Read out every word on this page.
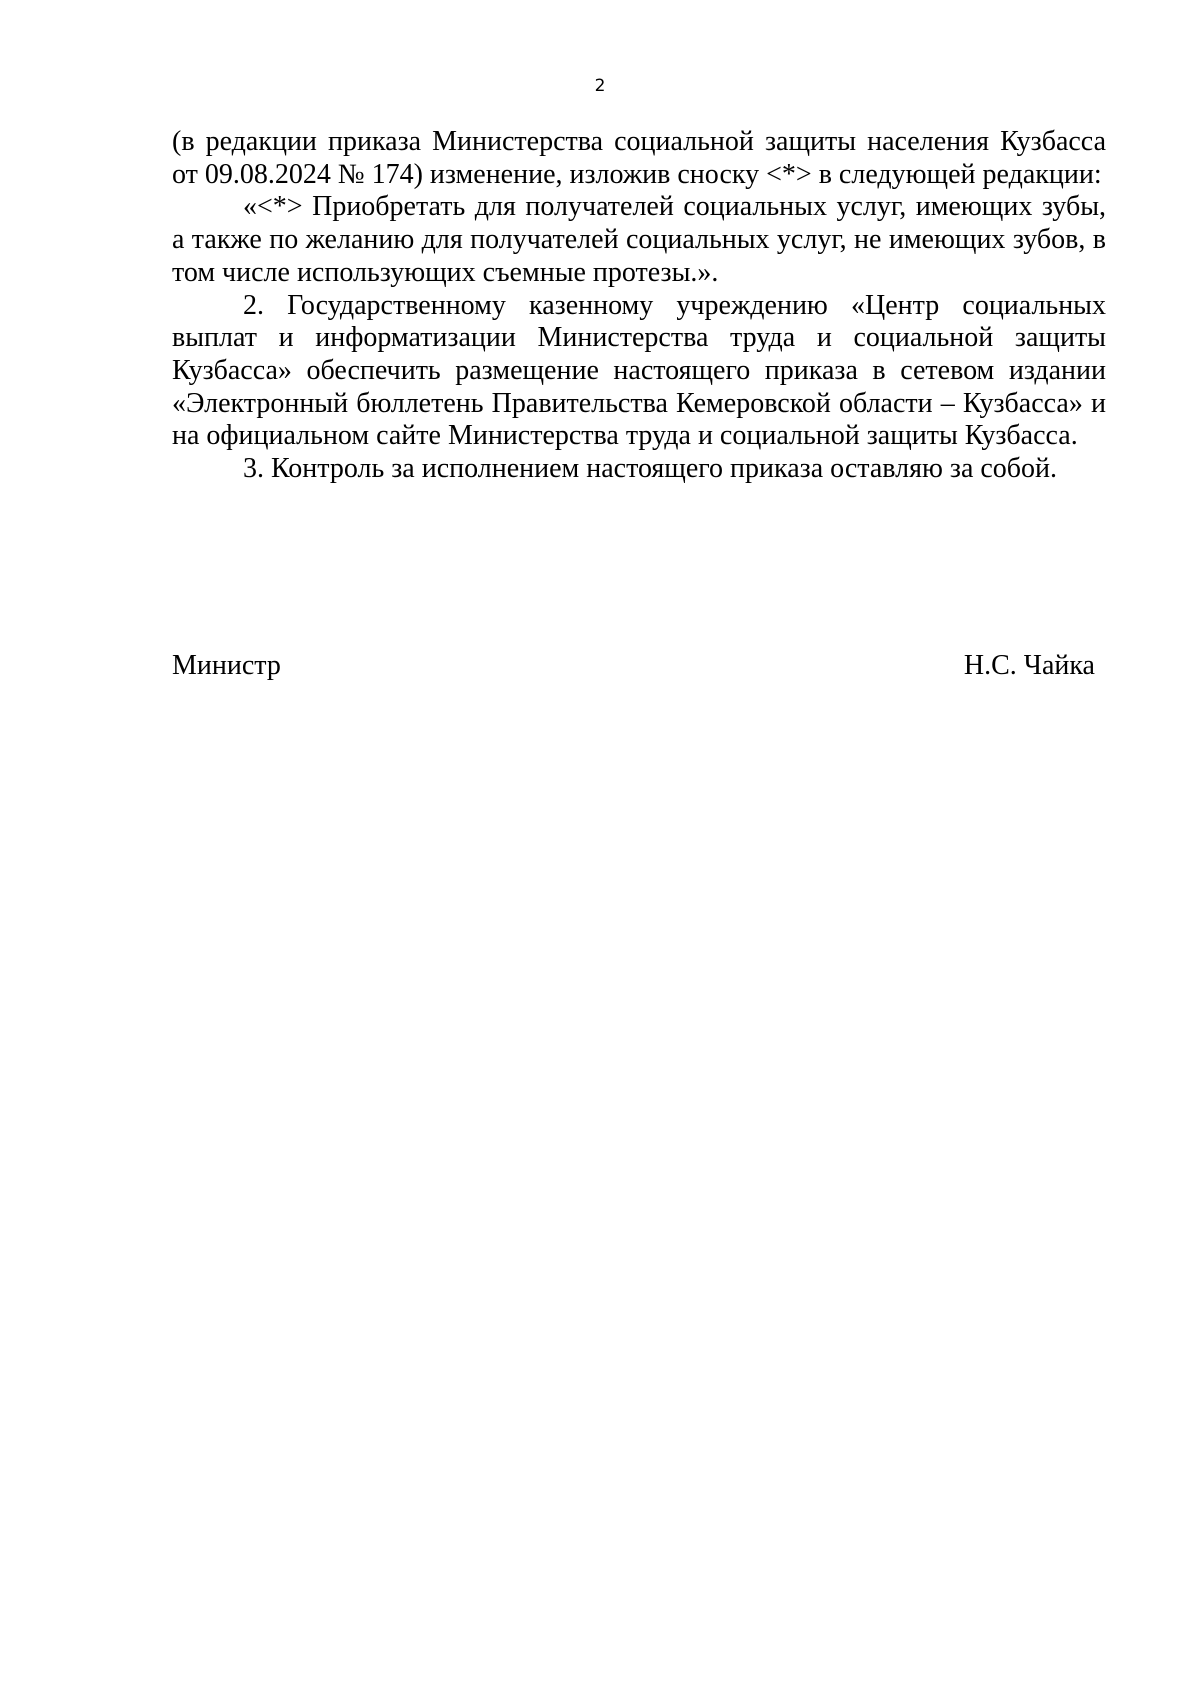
2

(в редакции приказа Министерства социальной защиты населения Кузбасса от 09.08.2024 № 174) изменение, изложив сноску <*> в следующей редакции:

«<*> Приобретать для получателей социальных услуг, имеющих зубы, а также по желанию для получателей социальных услуг, не имеющих зубов, в том числе использующих съемные протезы.».

2. Государственному казенному учреждению «Центр социальных выплат и информатизации Министерства труда и социальной защиты Кузбасса» обеспечить размещение настоящего приказа в сетевом издании «Электронный бюллетень Правительства Кемеровской области – Кузбасса» и на официальном сайте Министерства труда и социальной защиты Кузбасса.

3. Контроль за исполнением настоящего приказа оставляю за собой.

Министр	Н.С. Чайка
